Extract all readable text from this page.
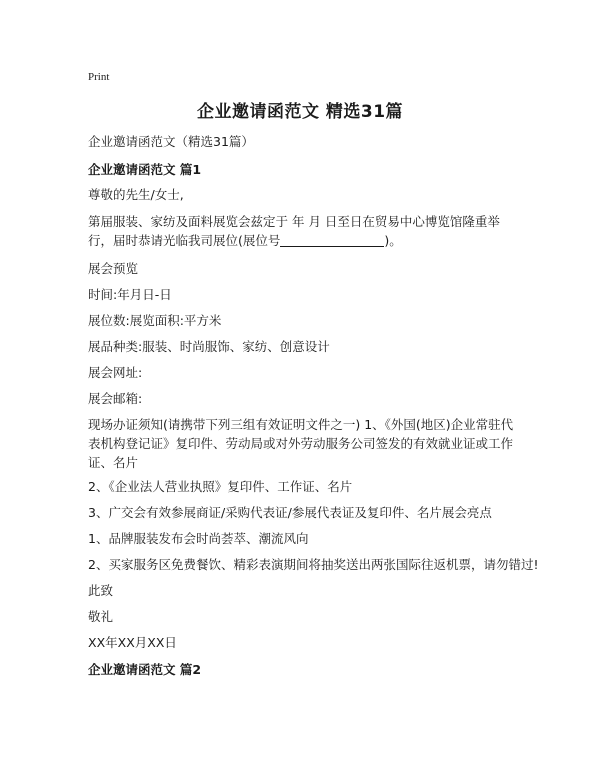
Print
企业邀请函范文 精选31篇
企业邀请函范文（精选31篇）
企业邀请函范文 篇1
尊敬的先生/女士,
第届服装、家纺及面料展览会兹定于 年 月 日至日在贸易中心博览馆隆重举行，届时恭请光临我司展位(展位号	)。
展会预览
时间:年月日-日
展位数:展览面积:平方米
展品种类:服装、时尚服饰、家纺、创意设计
展会网址:
展会邮箱:
现场办证须知(请携带下列三组有效证明文件之一) 1、《外国(地区)企业常驻代表机构登记证》复印件、劳动局或对外劳动服务公司签发的有效就业证或工作证、名片
2、《企业法人营业执照》复印件、工作证、名片
3、广交会有效参展商证/采购代表证/参展代表证及复印件、名片展会亮点
1、品牌服装发布会时尚荟萃、潮流风向
2、买家服务区免费餐饮、精彩表演期间将抽奖送出两张国际往返机票，请勿错过!
此致
敬礼
XX年XX月XX日
企业邀请函范文 篇2
